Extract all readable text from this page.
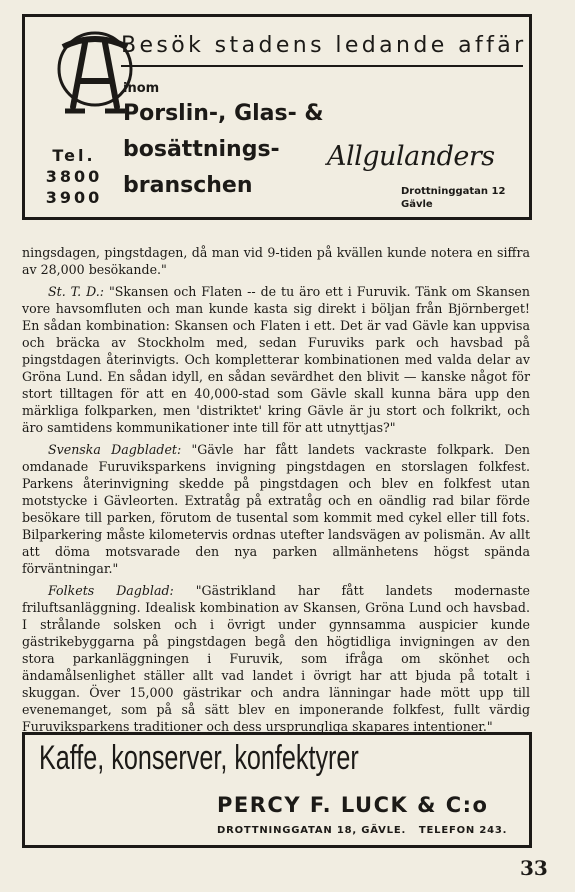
Besök stadens ledande affär
inom
Porslin-, Glas- &
bosättnings-
branschen
Tel.
3800
3900
Allgulanders
Drottninggatan 12
Gävle

ningsdagen, pingstdagen, då man vid 9-tiden på kvällen kunde notera en siffra av 28,000 besökande."

St. T. D.: "Skansen och Flaten -- de tu äro ett i Furuvik. Tänk om Skansen vore havsomfluten och man kunde kasta sig direkt i böljan från Björnberget! En sådan kombination: Skansen och Flaten i ett. Det är vad Gävle kan uppvisa och bräcka av Stockholm med, sedan Furuviks park och havsbad på pingstdagen återinvigts. Och kompletterar kombinationen med valda delar av Gröna Lund. En sådan idyll, en sådan sevärdhet den blivit — kanske något för stort tilltagen för att en 40,000-stad som Gävle skall kunna bära upp den märkliga folkparken, men 'distriktet' kring Gävle är ju stort och folkrikt, och äro samtidens kommunikationer inte till för att utnyttjas?"

Svenska Dagbladet: "Gävle har fått landets vackraste folkpark. Den omdanade Furuviksparkens invigning pingstdagen en storslagen folkfest. Parkens återinvigning skedde på pingstdagen och blev en folkfest utan motstycke i Gävleorten. Extratåg på extratåg och en oändlig rad bilar förde besökare till parken, förutom de tusental som kommit med cykel eller till fots. Bilparkering måste kilometervis ordnas utefter landsvägen av polismän. Av allt att döma motsvarade den nya parken allmänhetens högst spända förväntningar."

Folkets Dagblad: "Gästrikland har fått landets modernaste friluftsanläggning. Idealisk kombination av Skansen, Gröna Lund och havsbad. I strålande solsken och i övrigt under gynnsamma auspicier kunde gästrikebyggarna på pingstdagen begå den högtidliga invigningen av den stora parkanläggningen i Furuvik, som ifråga om skönhet och ändamålsenlighet ställer allt vad landet i övrigt har att bjuda på totalt i skuggan. Över 15,000 gästrikar och andra länningar hade mött upp till evenemanget, som på så sätt blev en imponerande folkfest, fullt värdig Furuviksparkens traditioner och dess ursprungliga skapares intentioner."

Kaffe, konserver, konfektyrer
PERCY F. LUCK & C:o
DROTTNINGGATAN 18, GÄVLE. TELEFON 243.
33
